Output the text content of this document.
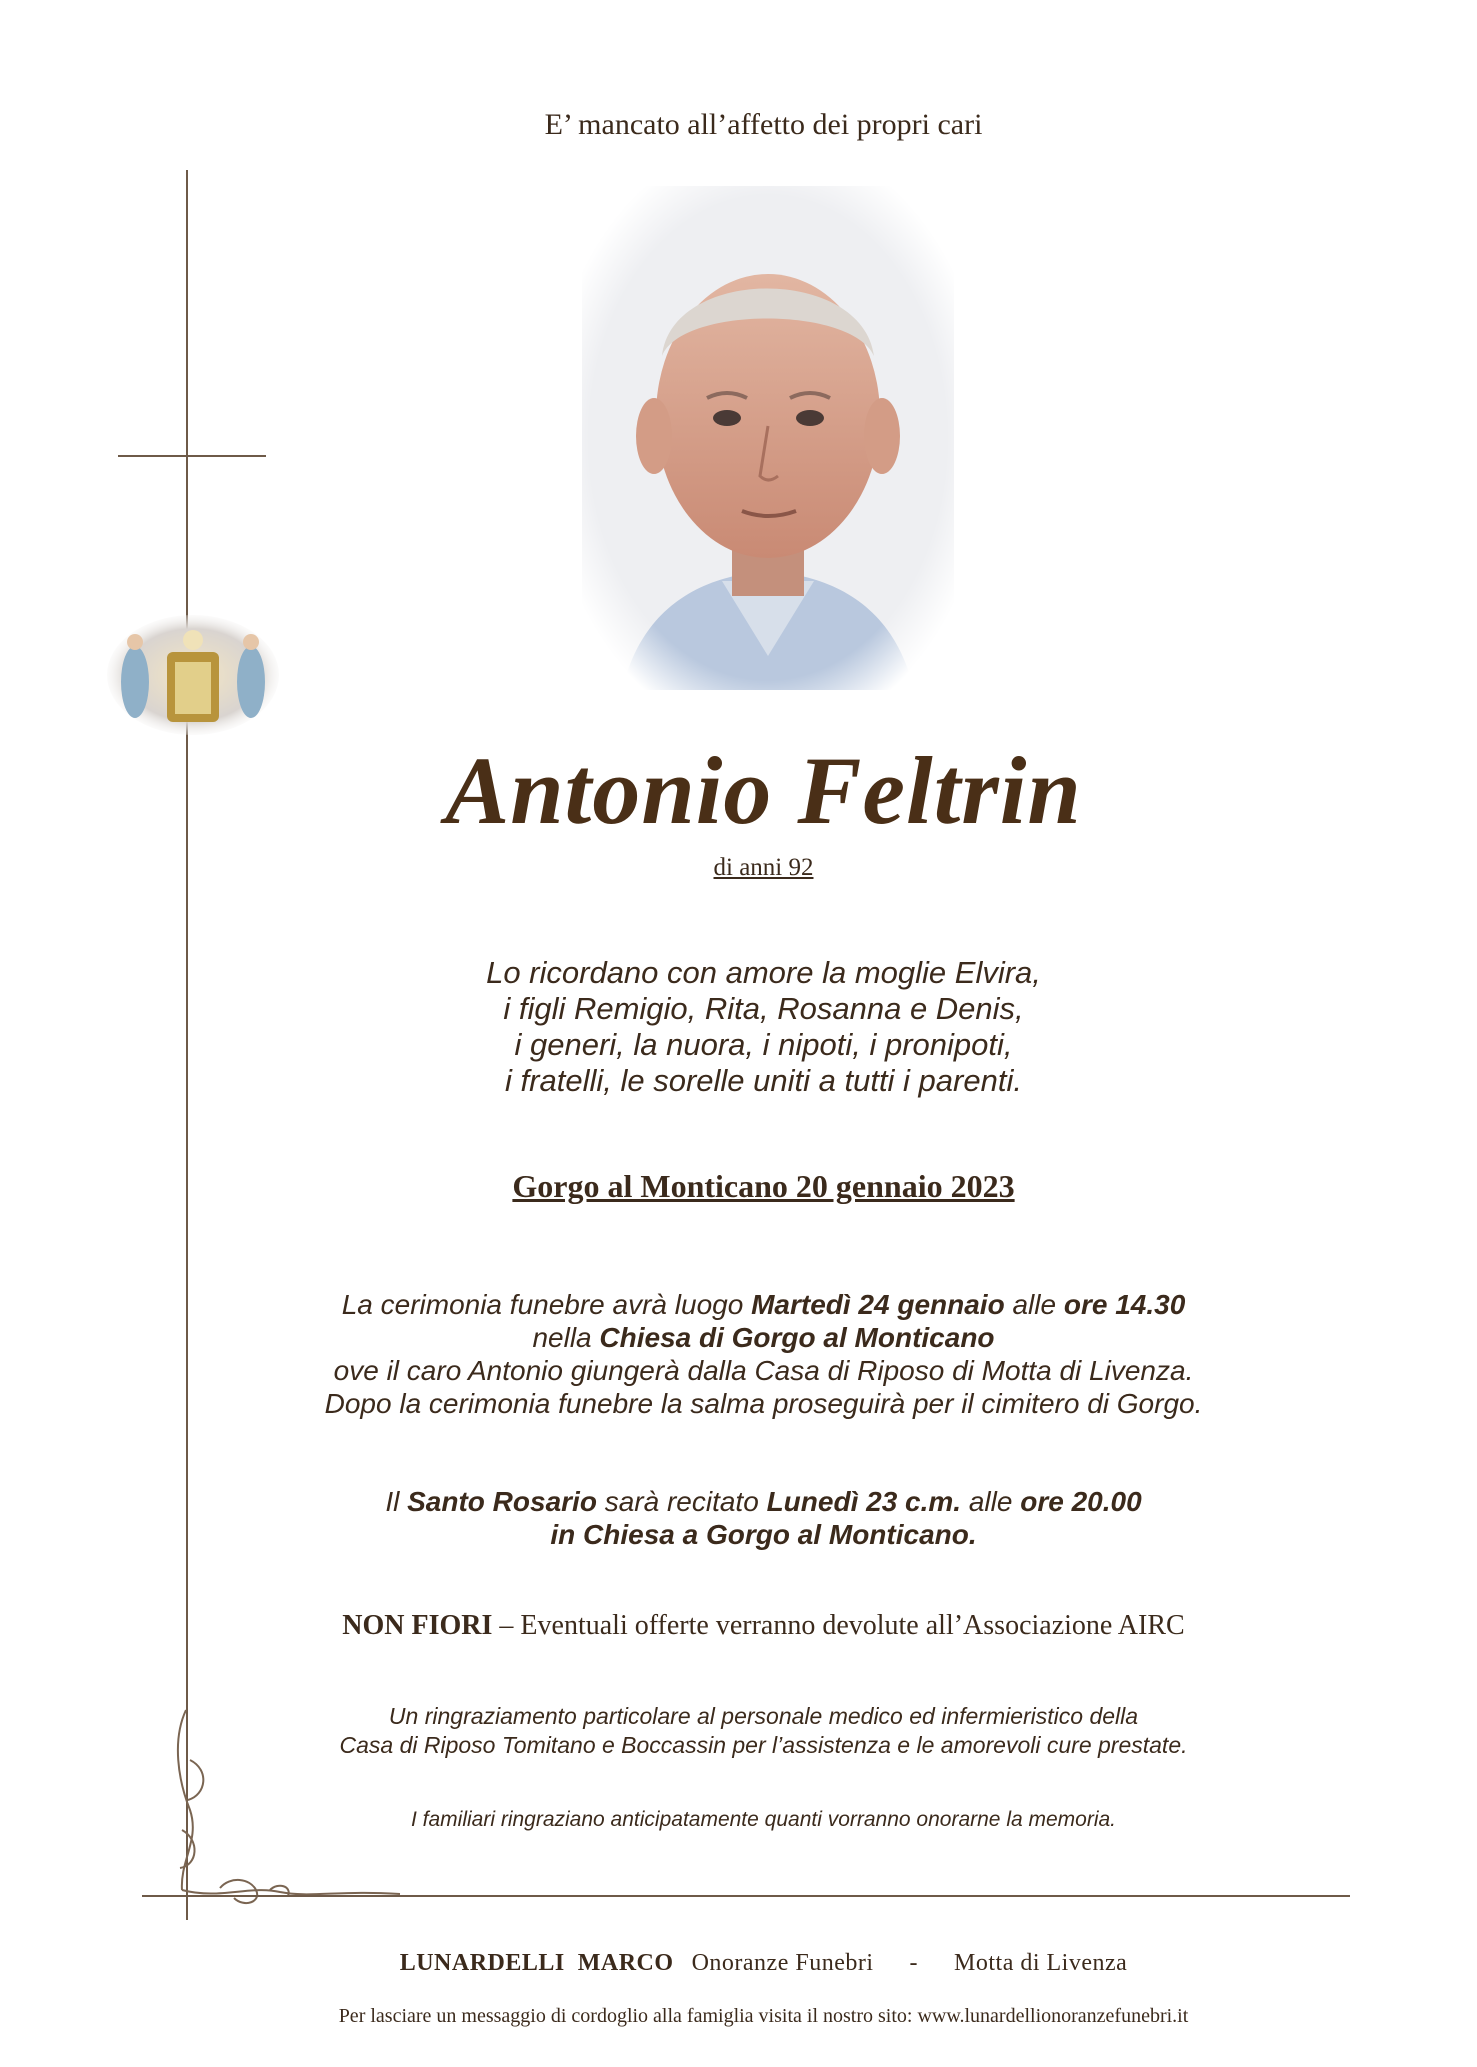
E’ mancato all’affetto dei propri cari
Antonio Feltrin
di anni 92
Lo ricordano con amore la moglie Elvira,
i figli Remigio, Rita, Rosanna e Denis,
i generi, la nuora, i nipoti, i pronipoti,
i fratelli, le sorelle uniti a tutti i parenti.
Gorgo al Monticano 20 gennaio 2023
La cerimonia funebre avrà luogo Martedì 24 gennaio alle ore 14.30
nella Chiesa di Gorgo al Monticano
ove il caro Antonio giungerà dalla Casa di Riposo di Motta di Livenza.
Dopo la cerimonia funebre la salma proseguirà per il cimitero di Gorgo.
Il Santo Rosario sarà recitato Lunedì 23 c.m. alle ore 20.00
in Chiesa a Gorgo al Monticano.
NON FIORI – Eventuali offerte verranno devolute all’Associazione AIRC
Un ringraziamento particolare al personale medico ed infermieristico della
Casa di Riposo Tomitano e Boccassin per l’assistenza e le amorevoli cure prestate.
I familiari ringraziano anticipatamente quanti vorranno onorarne la memoria.
LUNARDELLI  MARCO Onoranze Funebri - Motta di Livenza
Per lasciare un messaggio di cordoglio alla famiglia visita il nostro sito: www.lunardellionoranzefunebri.it
